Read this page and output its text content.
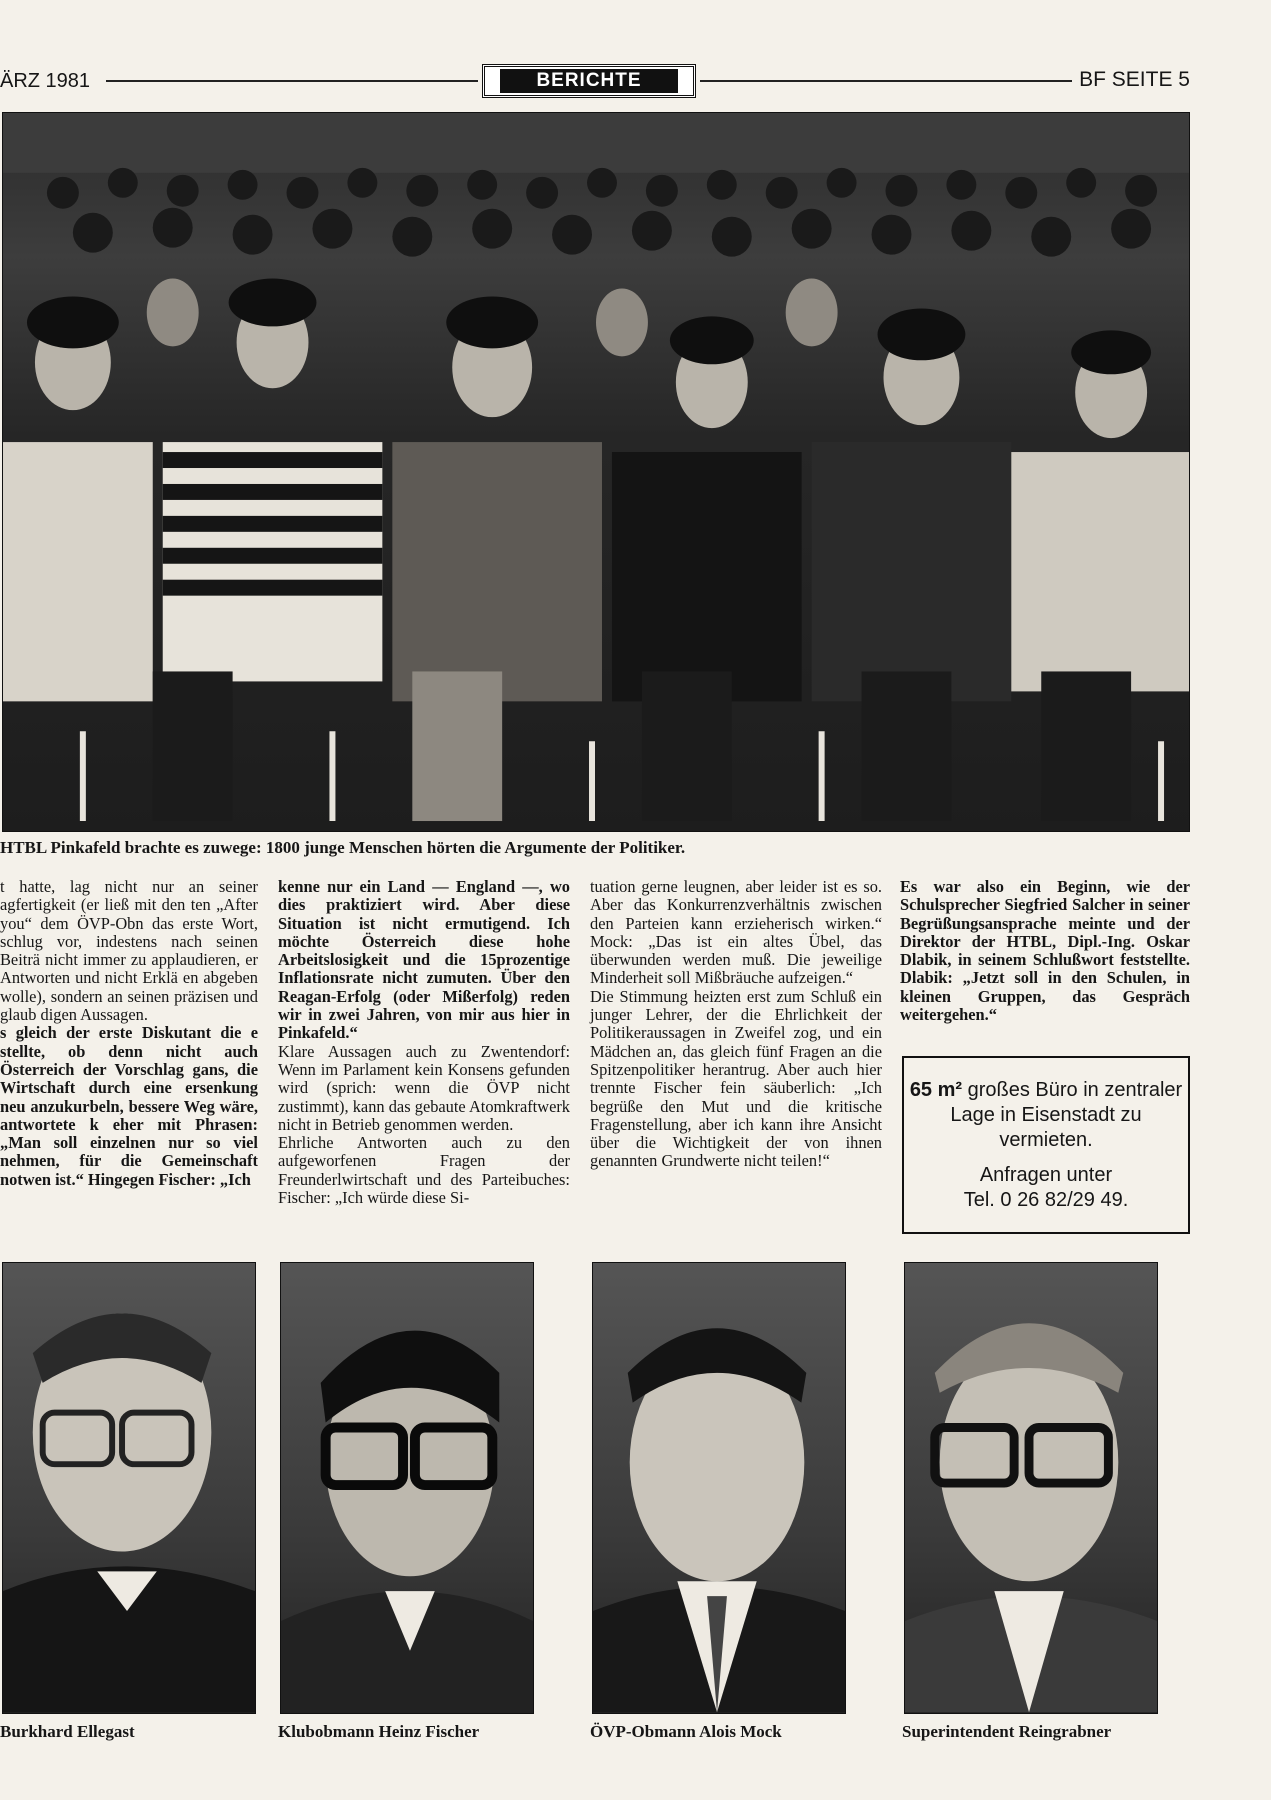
ÄRZ 1981	BERICHTE	BF SEITE 5
HTBL Pinkafeld brachte es zuwege: 1800 junge Menschen hörten die Argumente der Politiker.

t hatte, lag nicht nur an seiner agfertigkeit (er ließ mit den ten „After you“ dem ÖVP-Obn das erste Wort, schlug vor, indestens nach seinen Beiträ nicht immer zu applaudieren, er Antworten und nicht Erklä en abgeben wolle), sondern an seinen präzisen und glaub digen Aussagen.

s gleich der erste Diskutant die e stellte, ob denn nicht auch Österreich der Vorschlag gans, die Wirtschaft durch eine ersenkung neu anzukurbeln, bessere Weg wäre, antwortete k eher mit Phrasen: „Man soll einzelnen nur so viel nehmen, für die Gemeinschaft notwen ist.“ Hingegen Fischer: „Ich

kenne nur ein Land — England —, wo dies praktiziert wird. Aber diese Situation ist nicht ermutigend. Ich möchte Österreich diese hohe Arbeitslosigkeit und die 15prozentige Inflationsrate nicht zumuten. Über den Reagan-Erfolg (oder Mißerfolg) reden wir in zwei Jahren, von mir aus hier in Pinkafeld.“

Klare Aussagen auch zu Zwentendorf: Wenn im Parlament kein Konsens gefunden wird (sprich: wenn die ÖVP nicht zustimmt), kann das gebaute Atomkraftwerk nicht in Betrieb genommen werden.

Ehrliche Antworten auch zu den aufgeworfenen Fragen der Freunderlwirtschaft und des Parteibuches: Fischer: „Ich würde diese Si-

tuation gerne leugnen, aber leider ist es so. Aber das Konkurrenzverhältnis zwischen den Parteien kann erzieherisch wirken.“ Mock: „Das ist ein altes Übel, das überwunden werden muß. Die jeweilige Minderheit soll Mißbräuche aufzeigen.“

Die Stimmung heizten erst zum Schluß ein junger Lehrer, der die Ehrlichkeit der Politikeraussagen in Zweifel zog, und ein Mädchen an, das gleich fünf Fragen an die Spitzenpolitiker herantrug. Aber auch hier trennte Fischer fein säuberlich: „Ich begrüße den Mut und die kritische Fragenstellung, aber ich kann ihre Ansicht über die Wichtigkeit der von ihnen genannten Grundwerte nicht teilen!“

Es war also ein Beginn, wie der Schulsprecher Siegfried Salcher in seiner Begrüßungsansprache meinte und der Direktor der HTBL, Dipl.-Ing. Oskar Dlabik, in seinem Schlußwort feststellte. Dlabik: „Jetzt soll in den Schulen, in kleinen Gruppen, das Gespräch weitergehen.“

65 m² großes Büro in zentraler Lage in Eisenstadt zu vermieten.

Anfragen unter

Tel. 0 26 82/29 49.

Burkhard Ellegast	Klubobmann Heinz Fischer	ÖVP-Obmann Alois Mock	Superintendent Reingrabner
